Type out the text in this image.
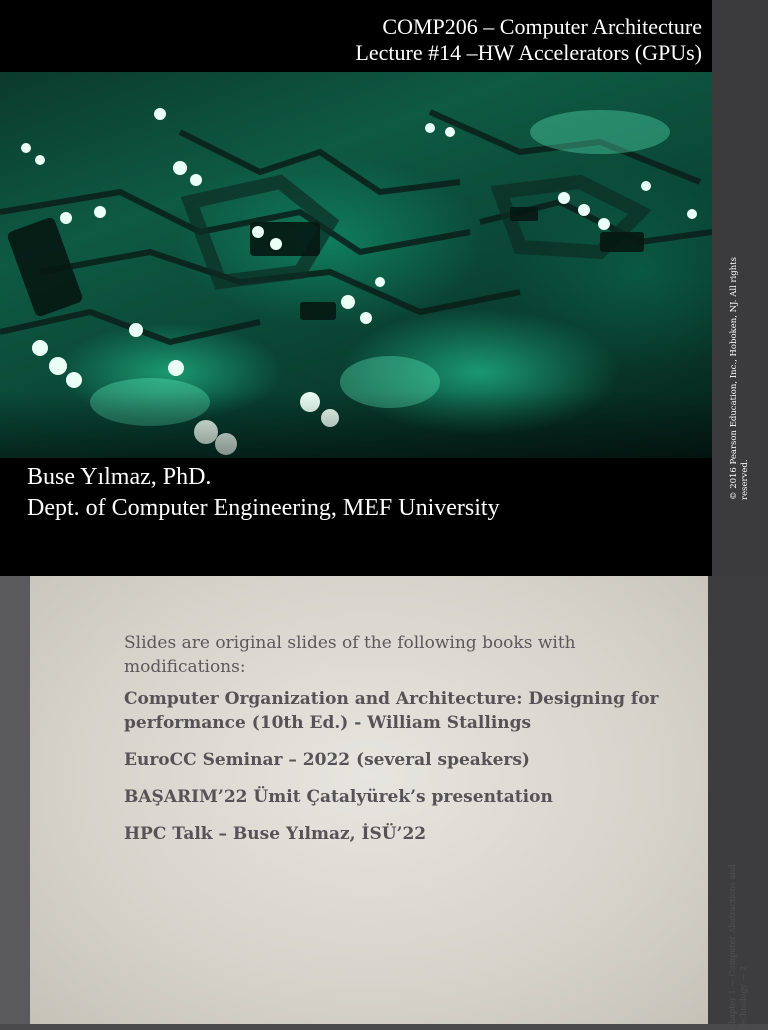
COMP206 – Computer Architecture
Lecture #14 –HW Accelerators (GPUs)
Buse Yılmaz, PhD.
Dept. of Computer Engineering, MEF University
© 2016 Pearson Education, Inc., Hoboken, NJ. All rights reserved.
Chapter 1 — Computer Abstractions and Technology — 2

Slides are original slides of the following books with modifications:

Computer Organization and Architecture: Designing for performance (10th Ed.) - William Stallings

EuroCC Seminar – 2022 (several speakers)

BAŞARIM’22 Ümit Çatalyürek’s presentation

HPC Talk – Buse Yılmaz, İSÜ’22
